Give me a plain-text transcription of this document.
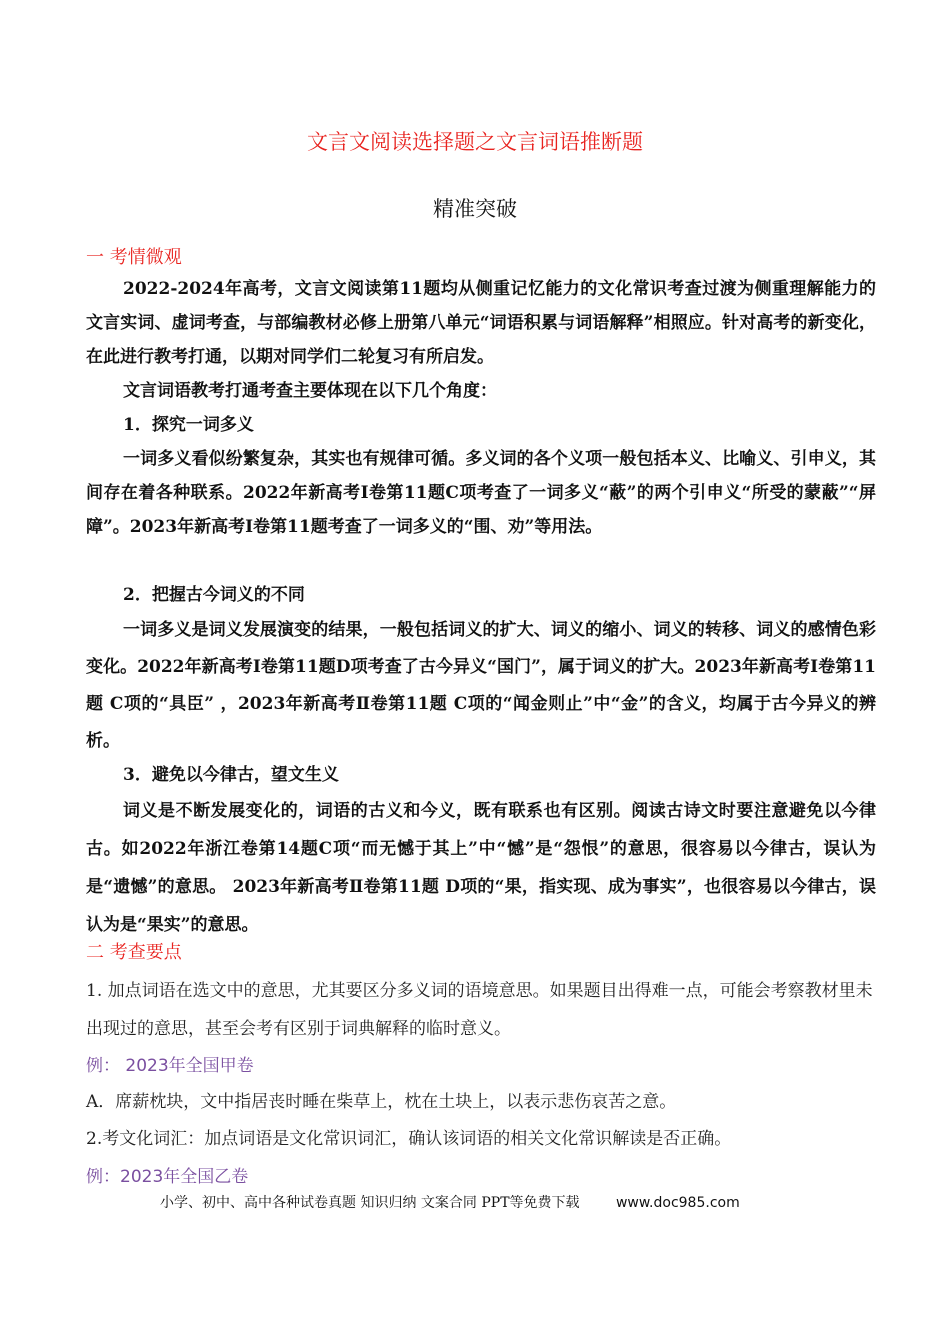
文言文阅读选择题之文言词语推断题
精准突破
一 考情微观
2022-2024年高考，文言文阅读第11题均从侧重记忆能力的文化常识考查过渡为侧重理解能力的文言实词、虚词考查，与部编教材必修上册第八单元“词语积累与词语解释”相照应。针对高考的新变化，在此进行教考打通，以期对同学们二轮复习有所启发。
文言词语教考打通考查主要体现在以下几个角度：
1．探究一词多义
一词多义看似纷繁复杂，其实也有规律可循。多义词的各个义项一般包括本义、比喻义、引申义，其间存在着各种联系。2022年新高考Ⅰ卷第11题C项考查了一词多义“蔽”的两个引申义“所受的蒙蔽”“屏障”。2023年新高考Ⅰ卷第11题考查了一词多义的“围、劝”等用法。
2．把握古今词义的不同
一词多义是词义发展演变的结果，一般包括词义的扩大、词义的缩小、词义的转移、词义的感情色彩变化。2022年新高考Ⅰ卷第11题D项考查了古今异义“国门”，属于词义的扩大。2023年新高考Ⅰ卷第11题 C项的“具臣” ，2023年新高考Ⅱ卷第11题 C项的“闻金则止”中“金”的含义，均属于古今异义的辨析。
3．避免以今律古，望文生义
词义是不断发展变化的，词语的古义和今义，既有联系也有区别。阅读古诗文时要注意避免以今律古。如2022年浙江卷第14题C项“而无憾于其上”中“憾”是“怨恨”的意思，很容易以今律古，误认为是“遗憾”的意思。 2023年新高考Ⅱ卷第11题 D项的“果，指实现、成为事实”，也很容易以今律古，误认为是“果实”的意思。
二 考查要点
1. 加点词语在选文中的意思，尤其要区分多义词的语境意思。如果题目出得难一点，可能会考察教材里未出现过的意思，甚至会考有区别于词典解释的临时意义。
例： 2023年全国甲卷
A．席薪枕块，文中指居丧时睡在柴草上，枕在土块上，以表示悲伤哀苦之意。
2.考文化词汇：加点词语是文化常识词汇，确认该词语的相关文化常识解读是否正确。
例：2023年全国乙卷
小学、初中、高中各种试卷真题 知识归纳 文案合同 PPT等免费下载	www.doc985.com
